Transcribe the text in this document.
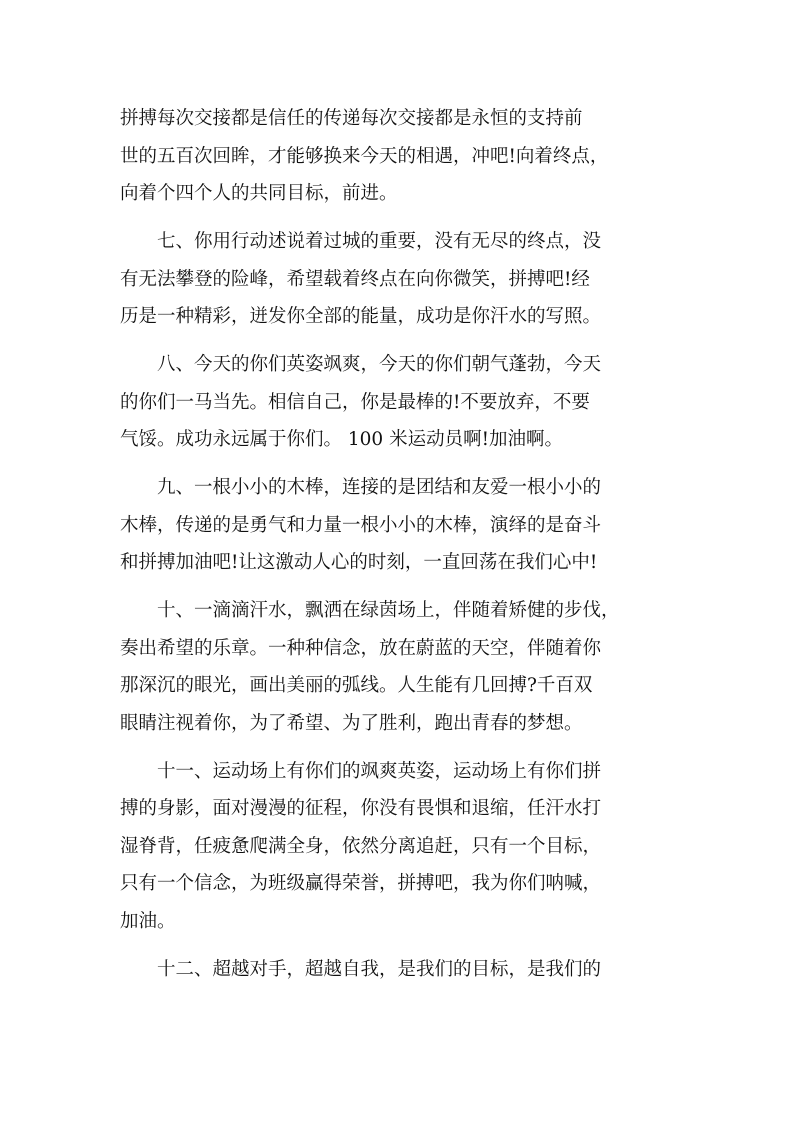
拼搏每次交接都是信任的传递每次交接都是永恒的支持前
世的五百次回眸，才能够换来今天的相遇，冲吧!向着终点，
向着个四个人的共同目标，前进。
　　七、你用行动述说着过城的重要，没有无尽的终点，没
有无法攀登的险峰，希望载着终点在向你微笑，拼搏吧!经
历是一种精彩，迸发你全部的能量，成功是你汗水的写照。
　　八、今天的你们英姿飒爽，今天的你们朝气蓬勃，今天
的你们一马当先。相信自己，你是最棒的!不要放弃，不要
气馁。成功永远属于你们。 100 米运动员啊!加油啊。
　　九、一根小小的木棒，连接的是团结和友爱一根小小的
木棒，传递的是勇气和力量一根小小的木棒，演绎的是奋斗
和拼搏加油吧!让这激动人心的时刻，一直回荡在我们心中!
　　十、一滴滴汗水，飘洒在绿茵场上，伴随着矫健的步伐，
奏出希望的乐章。一种种信念，放在蔚蓝的天空，伴随着你
那深沉的眼光，画出美丽的弧线。人生能有几回搏?千百双
眼睛注视着你，为了希望、为了胜利，跑出青春的梦想。
　　十一、运动场上有你们的飒爽英姿，运动场上有你们拼
搏的身影，面对漫漫的征程，你没有畏惧和退缩，任汗水打
湿脊背，任疲惫爬满全身，依然分离追赶，只有一个目标，
只有一个信念，为班级赢得荣誉，拼搏吧，我为你们呐喊，
加油。
　　十二、超越对手，超越自我，是我们的目标，是我们的
